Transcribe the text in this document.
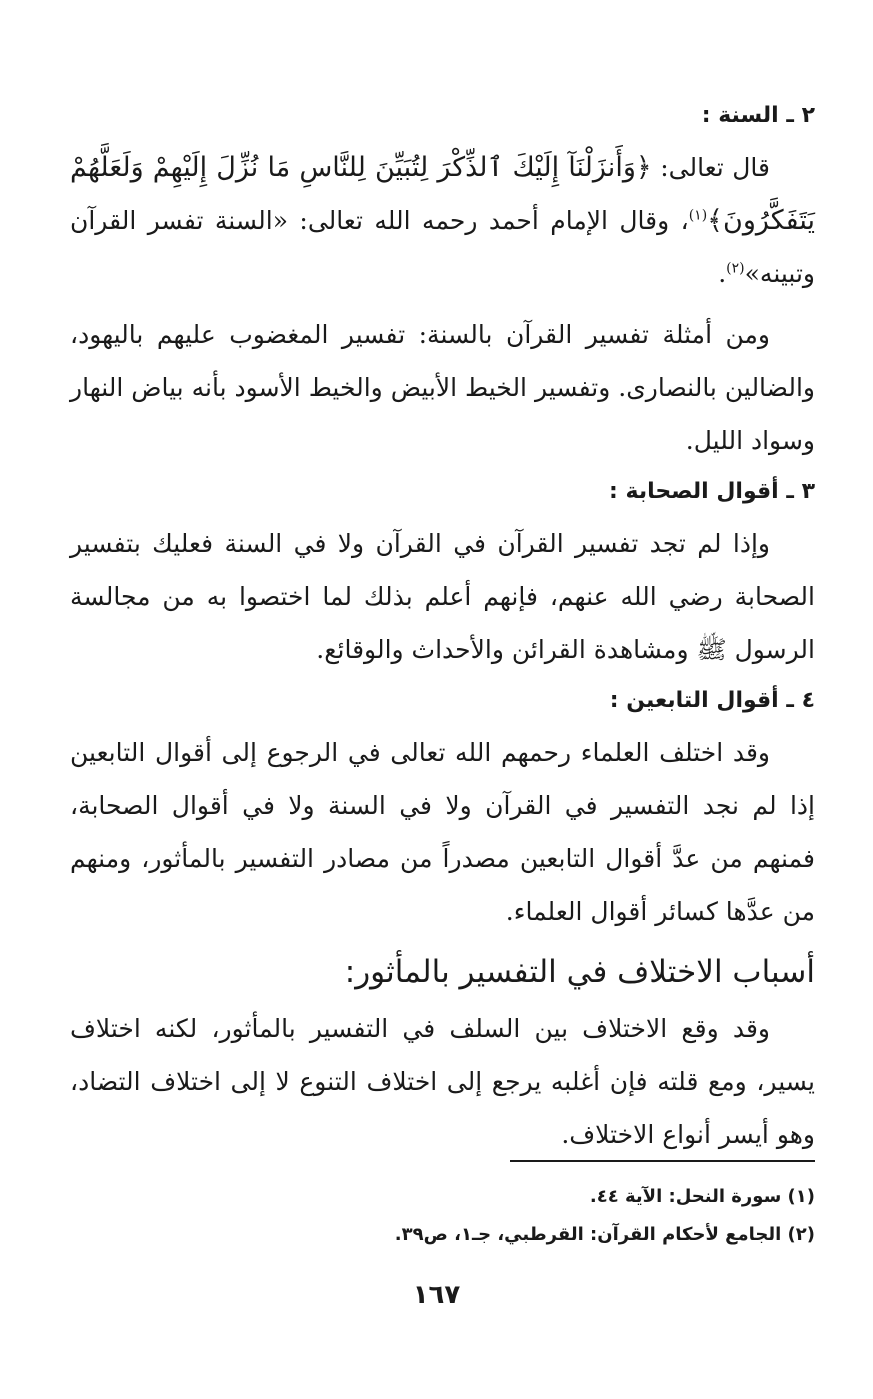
٢ ـ السنة :

قال تعالى: ﴿وَأَنزَلْنَآ إِلَيْكَ ٱلذِّكْرَ لِتُبَيِّنَ لِلنَّاسِ مَا نُزِّلَ إِلَيْهِمْ وَلَعَلَّهُمْ يَتَفَكَّرُونَ﴾$^{(١)}$، وقال الإمام أحمد رحمه الله تعالى: «السنة تفسر القرآن وتبينه»$^{(٢)}$.

ومن أمثلة تفسير القرآن بالسنة: تفسير المغضوب عليهم باليهود، والضالين بالنصارى. وتفسير الخيط الأبيض والخيط الأسود بأنه بياض النهار وسواد الليل.

٣ ـ أقوال الصحابة :

وإذا لم تجد تفسير القرآن في القرآن ولا في السنة فعليك بتفسير الصحابة رضي الله عنهم، فإنهم أعلم بذلك لما اختصوا به من مجالسة الرسول ﷺ ومشاهدة القرائن والأحداث والوقائع.

٤ ـ أقوال التابعين :

وقد اختلف العلماء رحمهم الله تعالى في الرجوع إلى أقوال التابعين إذا لم نجد التفسير في القرآن ولا في السنة ولا في أقوال الصحابة، فمنهم من عدَّ أقوال التابعين مصدراً من مصادر التفسير بالمأثور، ومنهم من عدَّها كسائر أقوال العلماء.

أسباب الاختلاف في التفسير بالمأثور:

وقد وقع الاختلاف بين السلف في التفسير بالمأثور، لكنه اختلاف يسير، ومع قلته فإن أغلبه يرجع إلى اختلاف التنوع لا إلى اختلاف التضاد، وهو أيسر أنواع الاختلاف.

(١) سورة النحل: الآية ٤٤.
(٢) الجامع لأحكام القرآن: القرطبي، جـ١، ص٣٩.
١٦٧
